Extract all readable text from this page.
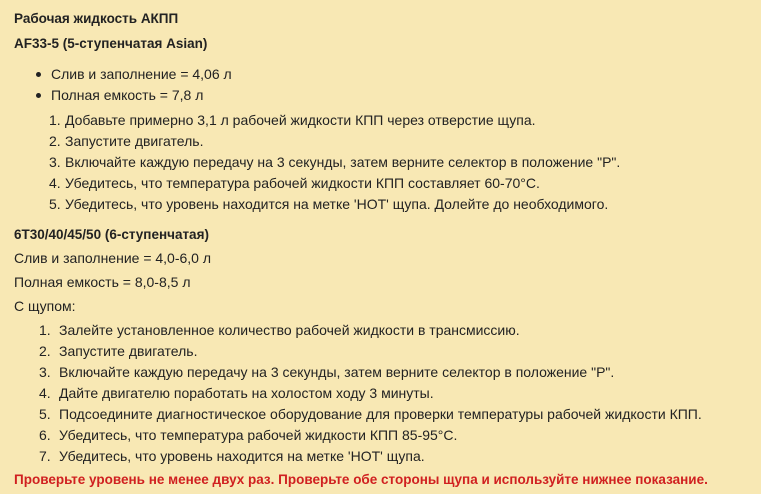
Рабочая жидкость АКПП
AF33-5 (5-ступенчатая Asian)
Слив и заполнение = 4,06 л
Полная емкость = 7,8 л
1. Добавьте примерно 3,1 л рабочей жидкости КПП через отверстие щупа.
2. Запустите двигатель.
3. Включайте каждую передачу на 3 секунды, затем верните селектор в положение "P".
4. Убедитесь, что температура рабочей жидкости КПП составляет 60-70°C.
5. Убедитесь, что уровень находится на метке 'HOT' щупа. Долейте до необходимого.
6T30/40/45/50 (6-ступенчатая)
Слив и заполнение = 4,0-6,0 л
Полная емкость = 8,0-8,5 л
С щупом:
1. Залейте установленное количество рабочей жидкости в трансмиссию.
2. Запустите двигатель.
3. Включайте каждую передачу на 3 секунды, затем верните селектор в положение "P".
4. Дайте двигателю поработать на холостом ходу 3 минуты.
5. Подсоедините диагностическое оборудование для проверки температуры рабочей жидкости КПП.
6. Убедитесь, что температура рабочей жидкости КПП 85-95°C.
7. Убедитесь, что уровень находится на метке 'HOT' щупа.
Проверьте уровень не менее двух раз. Проверьте обе стороны щупа и используйте нижнее показание.
